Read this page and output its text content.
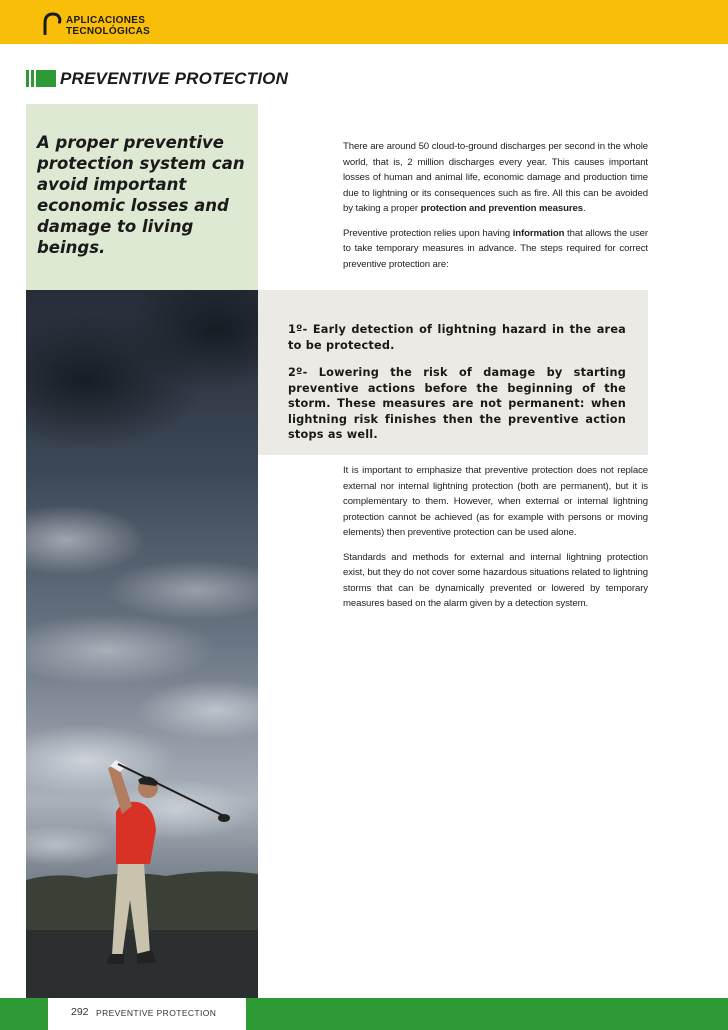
APLICACIONES
TECNOLÓGICAS
PREVENTIVE PROTECTION

A proper preventive protection system can avoid important economic losses and damage to living beings.

There are around 50 cloud-to-ground discharges per second in the whole world, that is, 2 million discharges every year. This causes important losses of human and animal life, economic damage and production time due to lightning or its consequences such as fire. All this can be avoided by taking a proper protection and prevention measures.

Preventive protection relies upon having information that allows the user to take temporary measures in advance. The steps required for correct preventive protection are:

1º- Early detection of lightning hazard in the area to be protected.

2º- Lowering the risk of damage by starting preventive actions before the beginning of the storm. These measures are not permanent: when lightning risk finishes then the preventive action stops as well.

It is important to emphasize that preventive protection does not replace external nor internal lightning protection (both are permanent), but it is complementary to them. However, when external or internal lightning protection cannot be achieved (as for example with persons or moving elements) then preventive protection can be used alone.

Standards and methods for external and internal lightning protection exist, but they do not cover some hazardous situations related to lightning storms that can be dynamically prevented or lowered by temporary measures based on the alarm given by a detection system.

292 PREVENTIVE PROTECTION
